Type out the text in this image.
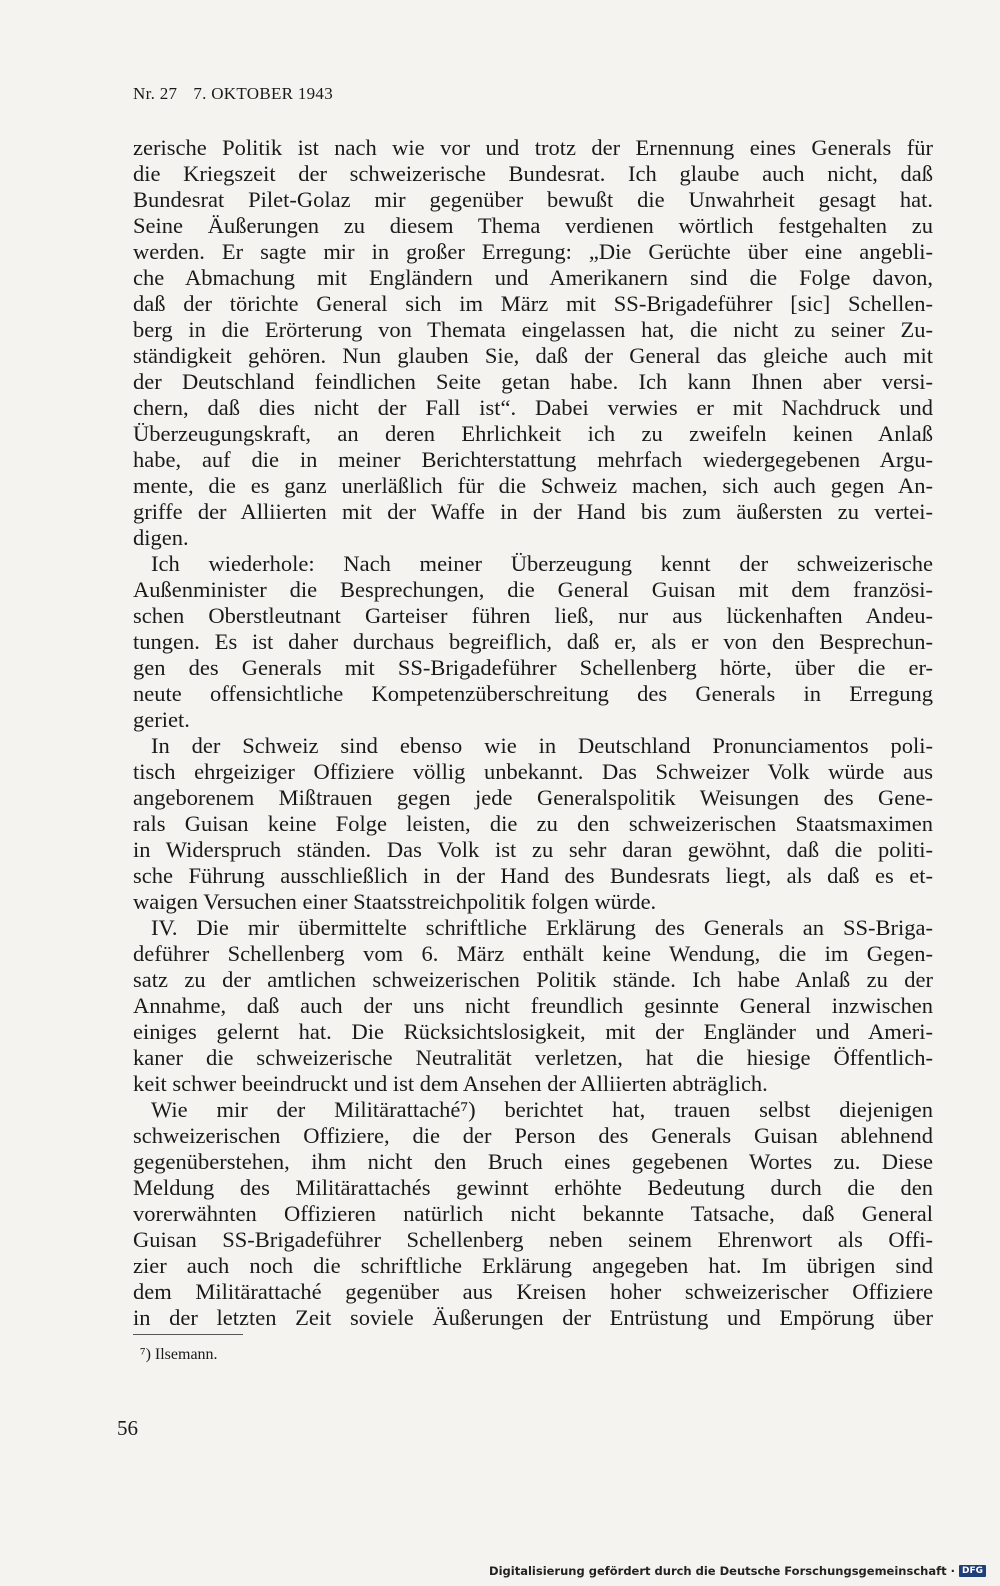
Nr. 27 7. OKTOBER 1943
zerische Politik ist nach wie vor und trotz der Ernennung eines Generals für
die Kriegszeit der schweizerische Bundesrat. Ich glaube auch nicht, daß
Bundesrat Pilet-Golaz mir gegenüber bewußt die Unwahrheit gesagt hat.
Seine Äußerungen zu diesem Thema verdienen wörtlich festgehalten zu
werden. Er sagte mir in großer Erregung: „Die Gerüchte über eine angebli-
che Abmachung mit Engländern und Amerikanern sind die Folge davon,
daß der törichte General sich im März mit SS-Brigadeführer [sic] Schellen-
berg in die Erörterung von Themata eingelassen hat, die nicht zu seiner Zu-
ständigkeit gehören. Nun glauben Sie, daß der General das gleiche auch mit
der Deutschland feindlichen Seite getan habe. Ich kann Ihnen aber versi-
chern, daß dies nicht der Fall ist“. Dabei verwies er mit Nachdruck und
Überzeugungskraft, an deren Ehrlichkeit ich zu zweifeln keinen Anlaß
habe, auf die in meiner Berichterstattung mehrfach wiedergegebenen Argu-
mente, die es ganz unerläßlich für die Schweiz machen, sich auch gegen An-
griffe der Alliierten mit der Waffe in der Hand bis zum äußersten zu vertei-
digen.
Ich wiederhole: Nach meiner Überzeugung kennt der schweizerische
Außenminister die Besprechungen, die General Guisan mit dem französi-
schen Oberstleutnant Garteiser führen ließ, nur aus lückenhaften Andeu-
tungen. Es ist daher durchaus begreiflich, daß er, als er von den Besprechun-
gen des Generals mit SS-Brigadeführer Schellenberg hörte, über die er-
neute offensichtliche Kompetenzüberschreitung des Generals in Erregung
geriet.
In der Schweiz sind ebenso wie in Deutschland Pronunciamentos poli-
tisch ehrgeiziger Offiziere völlig unbekannt. Das Schweizer Volk würde aus
angeborenem Mißtrauen gegen jede Generalspolitik Weisungen des Gene-
rals Guisan keine Folge leisten, die zu den schweizerischen Staatsmaximen
in Widerspruch ständen. Das Volk ist zu sehr daran gewöhnt, daß die politi-
sche Führung ausschließlich in der Hand des Bundesrats liegt, als daß es et-
waigen Versuchen einer Staatsstreichpolitik folgen würde.
IV. Die mir übermittelte schriftliche Erklärung des Generals an SS-Briga-
deführer Schellenberg vom 6. März enthält keine Wendung, die im Gegen-
satz zu der amtlichen schweizerischen Politik stände. Ich habe Anlaß zu der
Annahme, daß auch der uns nicht freundlich gesinnte General inzwischen
einiges gelernt hat. Die Rücksichtslosigkeit, mit der Engländer und Ameri-
kaner die schweizerische Neutralität verletzen, hat die hiesige Öffentlich-
keit schwer beeindruckt und ist dem Ansehen der Alliierten abträglich.
Wie mir der Militärattaché⁷) berichtet hat, trauen selbst diejenigen
schweizerischen Offiziere, die der Person des Generals Guisan ablehnend
gegenüberstehen, ihm nicht den Bruch eines gegebenen Wortes zu. Diese
Meldung des Militärattachés gewinnt erhöhte Bedeutung durch die den
vorerwähnten Offizieren natürlich nicht bekannte Tatsache, daß General
Guisan SS-Brigadeführer Schellenberg neben seinem Ehrenwort als Offi-
zier auch noch die schriftliche Erklärung angegeben hat. Im übrigen sind
dem Militärattaché gegenüber aus Kreisen hoher schweizerischer Offiziere
in der letzten Zeit soviele Äußerungen der Entrüstung und Empörung über
⁷) Ilsemann.
56
Digitalisierung gefördert durch die Deutsche Forschungsgemeinschaft · DFG
